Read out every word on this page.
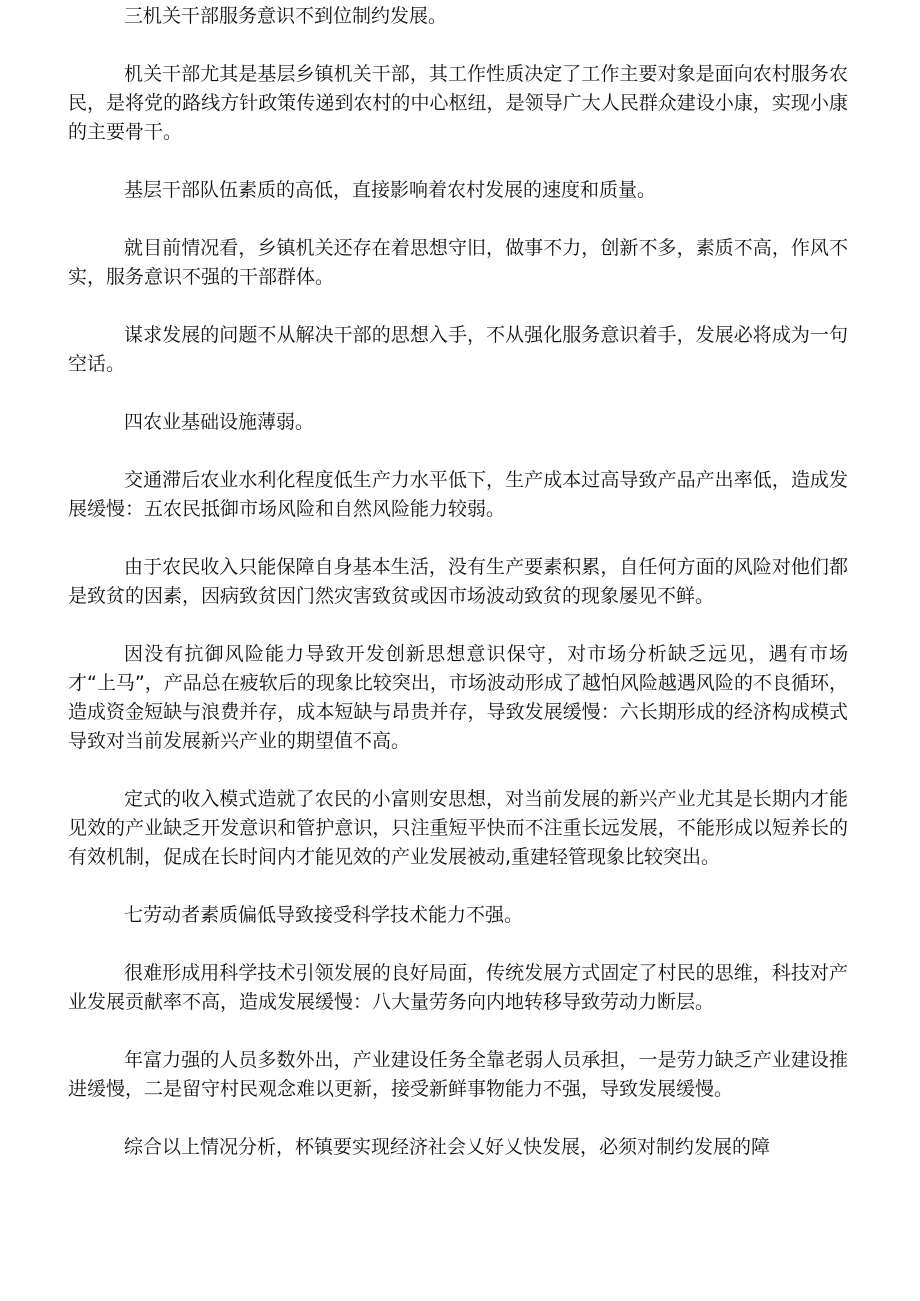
三机关干部服务意识不到位制约发展。

机关干部尤其是基层乡镇机关干部，其工作性质决定了工作主要对象是面向农村服务农民，是将党的路线方针政策传递到农村的中心枢纽，是领导广大人民群众建设小康，实现小康的主要骨干。

基层干部队伍素质的高低，直接影响着农村发展的速度和质量。

就目前情况看，乡镇机关还存在着思想守旧，做事不力，创新不多，素质不高，作风不实，服务意识不强的干部群体。

谋求发展的问题不从解决干部的思想入手，不从强化服务意识着手，发展必将成为一句空话。

四农业基础设施薄弱。

交通滞后农业水利化程度低生产力水平低下，生产成本过高导致产品产出率低，造成发展缓慢：五农民抵御市场风险和自然风险能力较弱。

由于农民收入只能保障自身基本生活，没有生产要素积累，自任何方面的风险对他们都是致贫的因素，因病致贫因门然灾害致贫或因市场波动致贫的现象屡见不鲜。

因没有抗御风险能力导致开发创新思想意识保守，对市场分析缺乏远见，遇有市场才“上马”，产品总在疲软后的现象比较突出，市场波动形成了越怕风险越遇风险的不良循环，造成资金短缺与浪费并存，成本短缺与昂贵并存，导致发展缓慢：六长期形成的经济构成模式导致对当前发展新兴产业的期望值不高。

定式的收入模式造就了农民的小富则安思想，对当前发展的新兴产业尤其是长期内才能见效的产业缺乏开发意识和管护意识，只注重短平快而不注重长远发展，不能形成以短养长的有效机制，促成在长时间内才能见效的产业发展被动,重建轻管现象比较突出。

七劳动者素质偏低导致接受科学技术能力不强。

很难形成用科学技术引领发展的良好局面，传统发展方式固定了村民的思维，科技对产业发展贡献率不高，造成发展缓慢：八大量劳务向内地转移导致劳动力断层。

年富力强的人员多数外出，产业建设任务全靠老弱人员承担，一是劳力缺乏产业建设推进缓慢，二是留守村民观念难以更新，接受新鲜事物能力不强，导致发展缓慢。

综合以上情况分析，杯镇要实现经济社会乂好乂快发展，必须对制约发展的障
